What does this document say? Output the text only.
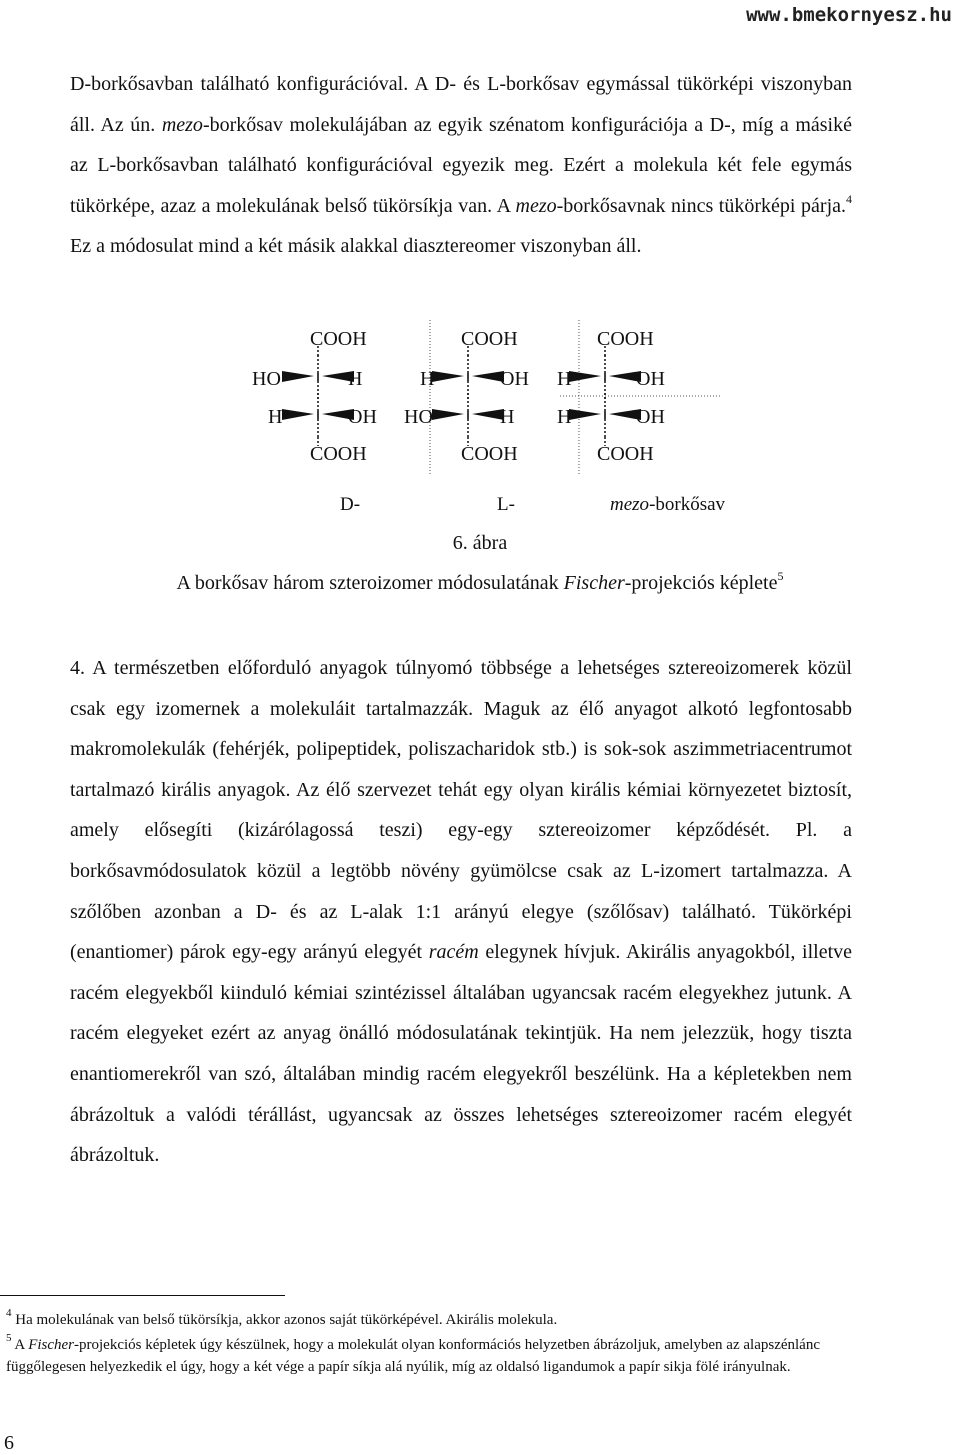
www.bmekornyesz.hu

D-borkősavban található konfigurációval. A D- és L-borkősav egymással tükörképi viszonyban áll. Az ún. mezo-borkősav molekulájában az egyik szénatom konfigurációja a D-, míg a másiké az L-borkősavban található konfigurációval egyezik meg. Ezért a molekula két fele egymás tükörképe, azaz a molekulának belső tükörsíkja van. A mezo-borkősavnak nincs tükörképi párja.$^4$ Ez a módosulat mind a két másik alakkal diasztereomer viszonyban áll.

COOH
HO	H
H	OH
COOH
COOH
H	OH
HO	H
COOH
COOH
H	OH
H	OH
COOH
D-	L-	mezo-borkősav
6. ábra
A borkősav három szteroizomer módosulatának Fischer-projekciós képlete$^5$

4. A természetben előforduló anyagok túlnyomó többsége a lehetséges sztereoizomerek közül csak egy izomernek a molekuláit tartalmazzák. Maguk az élő anyagot alkotó legfontosabb makromolekulák (fehérjék, polipeptidek, poliszacharidok stb.) is sok-sok aszimmetriacentrumot tartalmazó királis anyagok. Az élő szervezet tehát egy olyan királis kémiai környezetet biztosít, amely elősegíti (kizárólagossá teszi) egy-egy sztereoizomer képződését. Pl. a borkősavmódosulatok közül a legtöbb növény gyümölcse csak az L-izomert tartalmazza. A szőlőben azonban a D- és az L-alak 1:1 arányú elegye (szőlősav) található. Tükörképi (enantiomer) párok egy-egy arányú elegyét racém elegynek hívjuk. Akirális anyagokból, illetve racém elegyekből kiinduló kémiai szintézissel általában ugyancsak racém elegyekhez jutunk. A racém elegyeket ezért az anyag önálló módosulatának tekintjük. Ha nem jelezzük, hogy tiszta enantiomerekről van szó, általában mindig racém elegyekről beszélünk. Ha a képletekben nem ábrázoltuk a valódi térállást, ugyancsak az összes lehetséges sztereoizomer racém elegyét ábrázoltuk.

$^4$ Ha molekulának van belső tükörsíkja, akkor azonos saját tükörképével. Akirális molekula.

$^5$ A Fischer-projekciós képletek úgy készülnek, hogy a molekulát olyan konformációs helyzetben ábrázoljuk, amelyben az alapszénlánc függőlegesen helyezkedik el úgy, hogy a két vége a papír síkja alá nyúlik, míg az oldalsó ligandumok a papír sikja fölé irányulnak.

6
